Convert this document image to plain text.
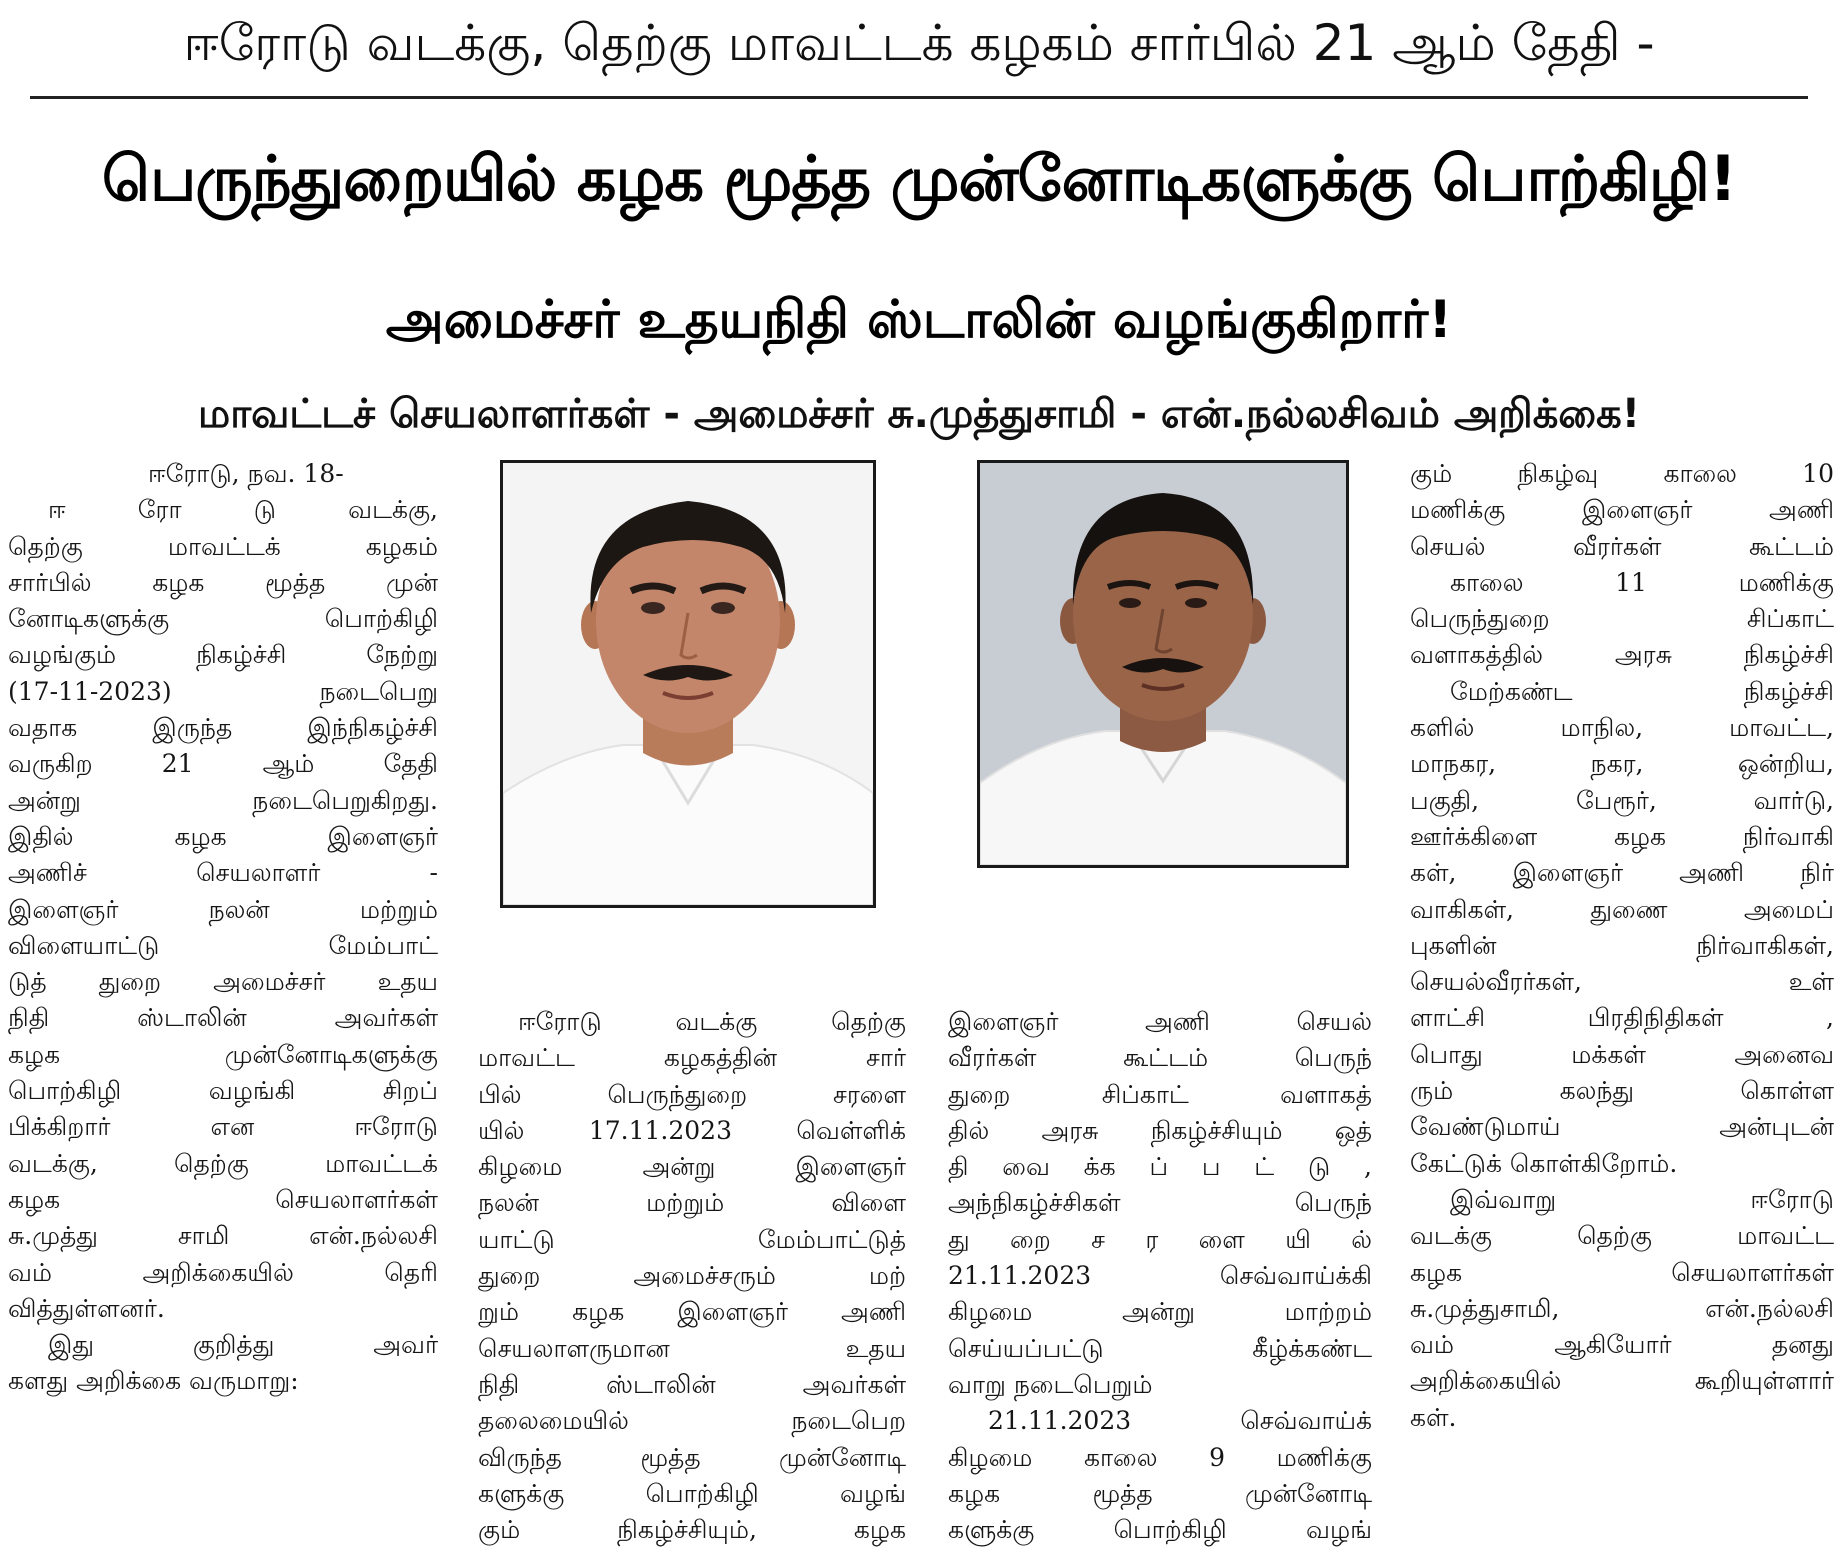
ஈரோடு வடக்கு, தெற்கு மாவட்டக் கழகம் சார்பில் 21 ஆம் தேதி -
பெருந்துறையில் கழக மூத்த முன்னோடிகளுக்கு பொற்கிழி!
அமைச்சர் உதயநிதி ஸ்டாலின் வழங்குகிறார்!
மாவட்டச் செயலாளர்கள் - அமைச்சர் சு.முத்துசாமி - என்.நல்லசிவம் அறிக்கை!

ஈரோடு, நவ. 18-

ஈ ரோ டு வடக்கு,

தெற்கு மாவட்டக் கழகம்

சார்பில் கழக மூத்த முன்

னோடிகளுக்கு பொற்கிழி

வழங்கும் நிகழ்ச்சி நேற்று

(17-11-2023) நடைபெறு

வதாக இருந்த இந்நிகழ்ச்சி

வருகிற 21 ஆம் தேதி

அன்று நடைபெறுகிறது.

இதில் கழக இளைஞர்

அணிச் செயலாளர் -

இளைஞர் நலன் மற்றும்

விளையாட்டு மேம்பாட்

டுத் துறை அமைச்சர் உதய

நிதி ஸ்டாலின் அவர்கள்

கழக முன்னோடிகளுக்கு

பொற்கிழி வழங்கி சிறப்

பிக்கிறார் என ஈரோடு

வடக்கு, தெற்கு மாவட்டக்

கழக செயலாளர்கள்

சு.முத்து சாமி என்.நல்லசி

வம் அறிக்கையில் தெரி

வித்துள்ளனர்.

இது குறித்து அவர்

களது அறிக்கை வருமாறு:

ஈரோடு வடக்கு தெற்கு

மாவட்ட கழகத்தின் சார்

பில் பெருந்துறை சரளை

யில் 17.11.2023 வெள்ளிக்

கிழமை அன்று இளைஞர்

நலன் மற்றும் விளை

யாட்டு மேம்பாட்டுத்

துறை அமைச்சரும் மற்

றும் கழக இளைஞர் அணி

செயலாளருமான உதய

நிதி ஸ்டாலின் அவர்கள்

தலைமையில் நடைபெற

விருந்த மூத்த முன்னோடி

களுக்கு பொற்கிழி வழங்

கும் நிகழ்ச்சியும், கழக

இளைஞர் அணி செயல்

வீரர்கள் கூட்டம் பெருந்

துறை சிப்காட் வளாகத்

தில் அரசு நிகழ்ச்சியும் ஒத்

தி வை க்க ப் ப ட் டு ,

அந்நிகழ்ச்சிகள் பெருந்

து றை ச ர ளை யி ல்

21.11.2023 செவ்வாய்க்கி

கிழமை அன்று மாற்றம்

செய்யப்பட்டு கீழ்க்கண்ட

வாறு நடைபெறும்

21.11.2023 செவ்வாய்க்

கிழமை காலை 9 மணிக்கு

கழக மூத்த முன்னோடி

களுக்கு பொற்கிழி வழங்

கும் நிகழ்வு காலை 10

மணிக்கு இளைஞர் அணி

செயல் வீரர்கள் கூட்டம்

காலை 11 மணிக்கு

பெருந்துறை சிப்காட்

வளாகத்தில் அரசு நிகழ்ச்சி

மேற்கண்ட நிகழ்ச்சி

களில் மாநில, மாவட்ட,

மாநகர, நகர, ஒன்றிய,

பகுதி, பேரூர், வார்டு,

ஊர்க்கிளை கழக நிர்வாகி

கள், இளைஞர் அணி நிர்

வாகிகள், துணை அமைப்

புகளின் நிர்வாகிகள்,

செயல்வீரர்கள், உள்

ளாட்சி பிரதிநிதிகள் ,

பொது மக்கள் அனைவ

ரும் கலந்து கொள்ள

வேண்டுமாய் அன்புடன்

கேட்டுக் கொள்கிறோம்.

இவ்வாறு ஈரோடு

வடக்கு தெற்கு மாவட்ட

கழக செயலாளர்கள்

சு.முத்துசாமி, என்.நல்லசி

வம் ஆகியோர் தனது

அறிக்கையில் கூறியுள்ளார்

கள்.
